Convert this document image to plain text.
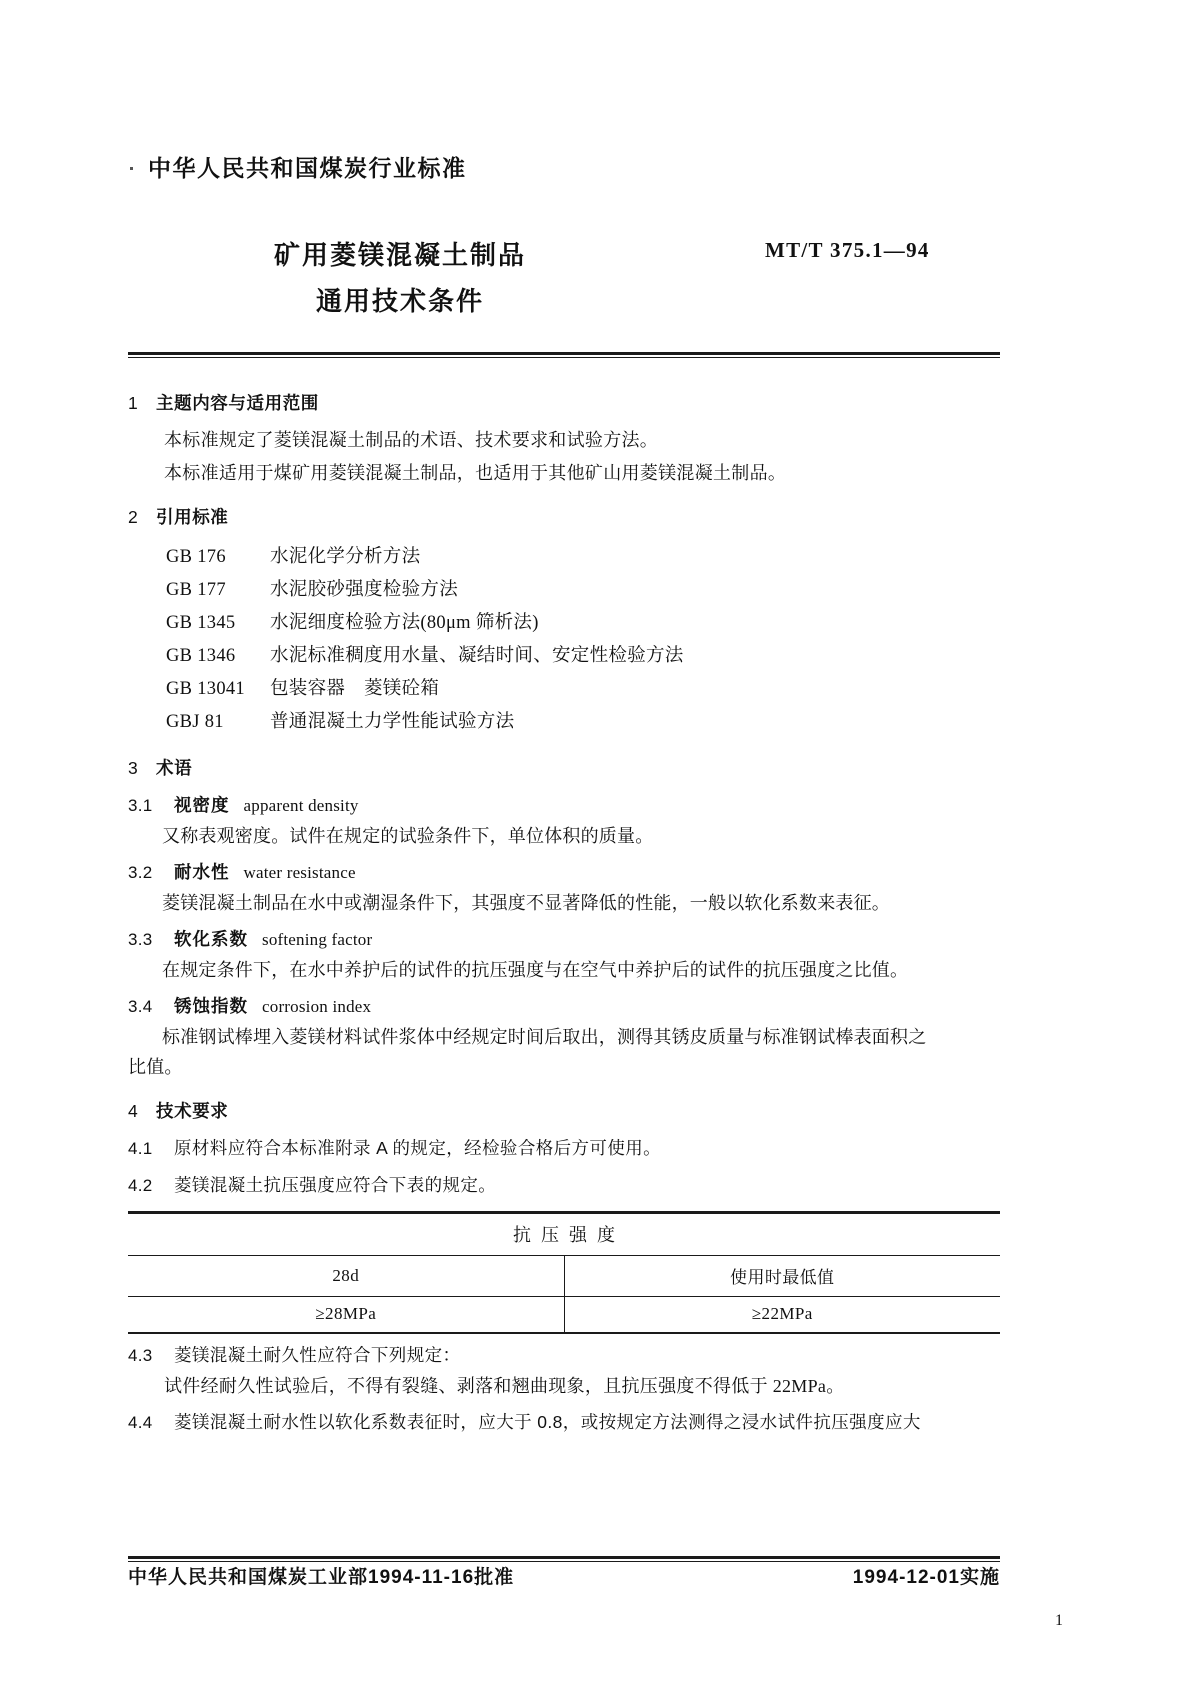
中华人民共和国煤炭行业标准
矿用菱镁混凝土制品
通用技术条件
MT/T 375.1—94
1 主题内容与适用范围

本标准规定了菱镁混凝土制品的术语、技术要求和试验方法。

本标准适用于煤矿用菱镁混凝土制品，也适用于其他矿山用菱镁混凝土制品。

2 引用标准
GB 176 水泥化学分析方法
GB 177 水泥胶砂强度检验方法
GB 1345 水泥细度检验方法(80μm 筛析法)
GB 1346 水泥标准稠度用水量、凝结时间、安定性检验方法
GB 13041 包装容器　菱镁砼箱
GBJ 81 普通混凝土力学性能试验方法
3 术语
3.1 视密度 apparent density

又称表观密度。试件在规定的试验条件下，单位体积的质量。

3.2 耐水性 water resistance

菱镁混凝土制品在水中或潮湿条件下，其强度不显著降低的性能，一般以软化系数来表征。

3.3 软化系数 softening factor

在规定条件下，在水中养护后的试件的抗压强度与在空气中养护后的试件的抗压强度之比值。

3.4 锈蚀指数 corrosion index

标准钢试棒埋入菱镁材料试件浆体中经规定时间后取出，测得其锈皮质量与标准钢试棒表面积之

比值。

4 技术要求
4.1 原材料应符合本标准附录 A 的规定，经检验合格后方可使用。
4.2 菱镁混凝土抗压强度应符合下表的规定。

抗压强度	
28d	使用时最低值
≥28MPa	≥22MPa
4.3 菱镁混凝土耐久性应符合下列规定：

试件经耐久性试验后，不得有裂缝、剥落和翘曲现象，且抗压强度不得低于 22MPa。

4.4 菱镁混凝土耐水性以软化系数表征时，应大于 0.8，或按规定方法测得之浸水试件抗压强度应大
中华人民共和国煤炭工业部1994-11-16批准	1994-12-01实施
1
